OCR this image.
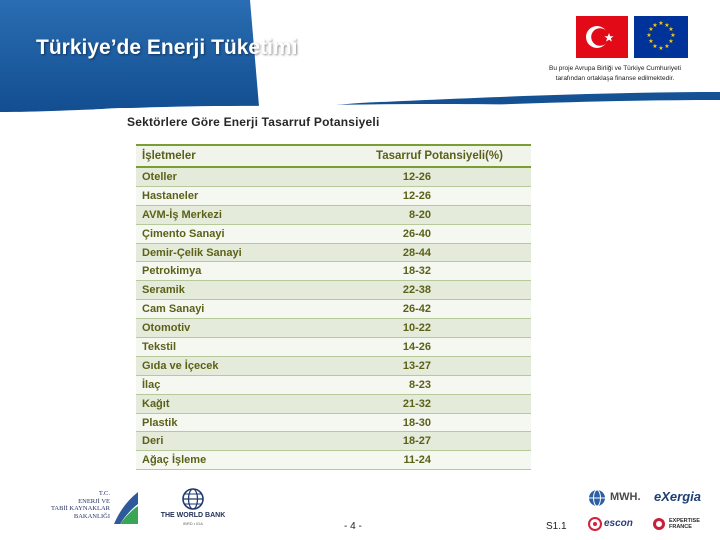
Türkiye’de Enerji Tüketimi
★ ★
★
★
★
★
★
★
★
★
★
★
Bu proje Avrupa Birliği ve Türkiye Cumhuriyeti
tarafından ortaklaşa finanse edilmektedir.
Sektörlere Göre Enerji Tasarruf Potansiyeli
İşletmeler	Tasarruf Potansiyeli(%)
Oteller	12-26
Hastaneler	12-26
AVM-İş Merkezi	8-20
Çimento Sanayi	26-40
Demir-Çelik Sanayi	28-44
Petrokimya	18-32
Seramik	22-38
Cam Sanayi	26-42
Otomotiv	10-22
Tekstil	14-26
Gıda ve İçecek	13-27
İlaç	8-23
Kağıt	21-32
Plastik	18-30
Deri	18-27
Ağaç İşleme	11-24
T.C.
ENERJİ VE
TABİİ KAYNAKLAR
BAKANLIĞI	THE WORLD BANK
IBRD • IDA	- 4 -	S1.1
MWH. eXergia
escon	EXPERTISE FRANCE
